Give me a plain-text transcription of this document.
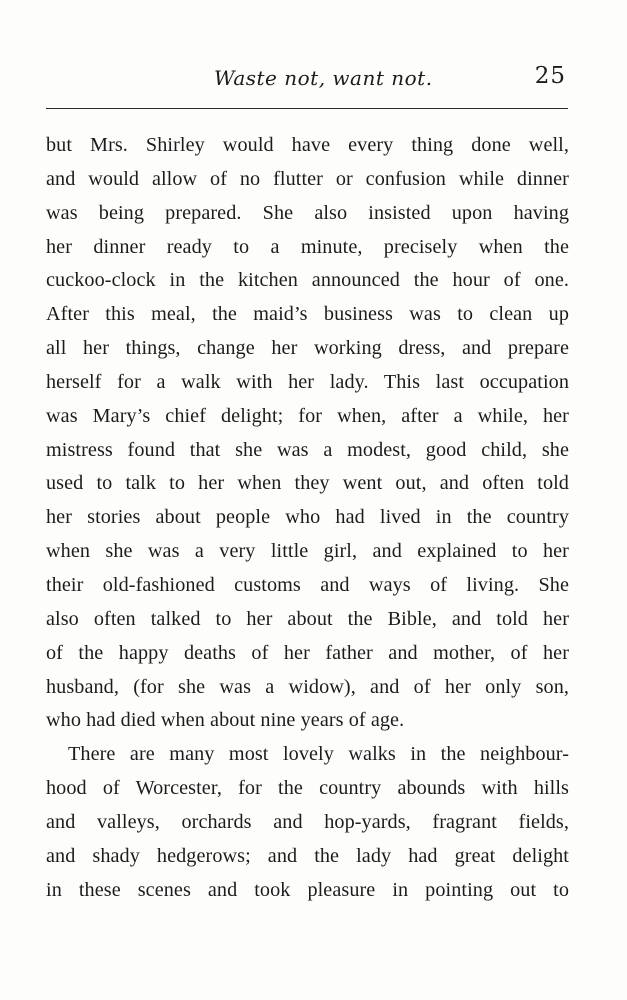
Waste not, want not.	25

but Mrs. Shirley would have every thing done well,
and would allow of no flutter or confusion while dinner
was being prepared. She also insisted upon having
her dinner ready to a minute, precisely when the
cuckoo-clock in the kitchen announced the hour of one.
After this meal, the maid’s business was to clean up
all her things, change her working dress, and prepare
herself for a walk with her lady. This last occupation
was Mary’s chief delight; for when, after a while, her
mistress found that she was a modest, good child, she
used to talk to her when they went out, and often told
her stories about people who had lived in the country
when she was a very little girl, and explained to her
their old-fashioned customs and ways of living. She
also often talked to her about the Bible, and told her
of the happy deaths of her father and mother, of her
husband, (for she was a widow), and of her only son,
who had died when about nine years of age.

There are many most lovely walks in the neighbour-
hood of Worcester, for the country abounds with hills
and valleys, orchards and hop-yards, fragrant fields,
and shady hedgerows; and the lady had great delight
in these scenes and took pleasure in pointing out to
